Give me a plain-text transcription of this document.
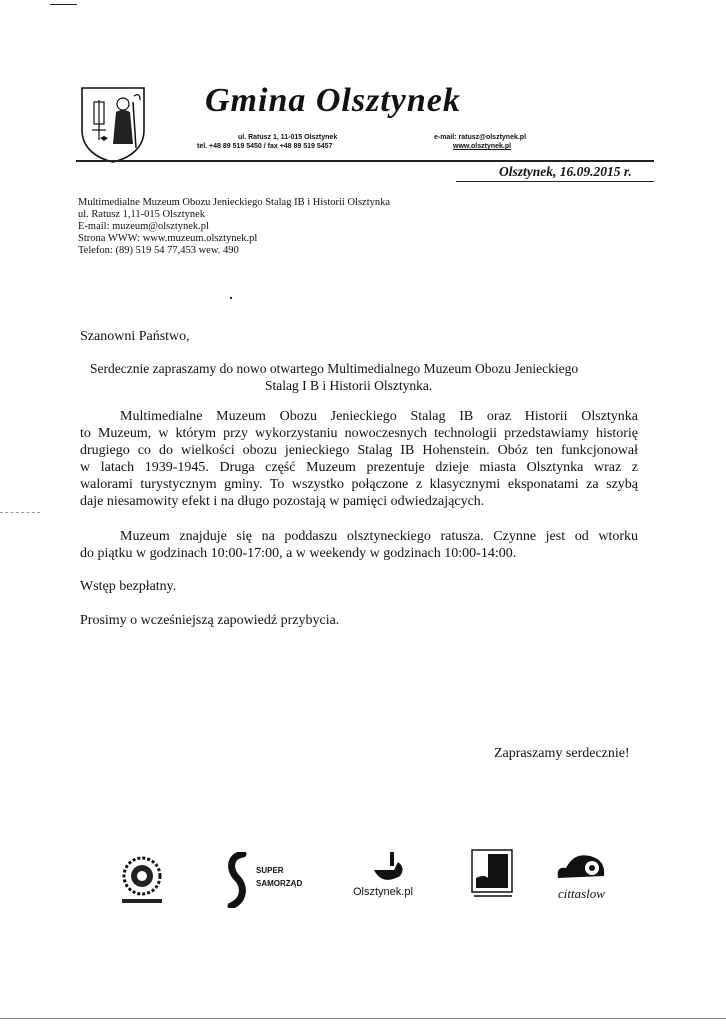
Gmina Olsztynek
ul. Ratusz 1, 11-015 Olsztynek
tel. +48 89 519 5450 / fax +48 89 519 5457
e-mail: ratusz@olsztynek.pl
www.olsztynek.pl
Olsztynek, 16.09.2015 r.
Multimedialne Muzeum Obozu Jenieckiego Stalag IB i Historii Olsztynka
ul. Ratusz 1,11-015 Olsztynek
E-mail: muzeum@olsztynek.pl
Strona WWW: www.muzeum.olsztynek.pl
Telefon: (89) 519 54 77,453 wew. 490
Szanowni Państwo,
Serdecznie zapraszamy do nowo otwartego Multimedialnego Muzeum Obozu Jenieckiego
Stalag I B i Historii Olsztynka.

Multimedialne Muzeum Obozu Jenieckiego Stalag IB oraz Historii Olsztynka

to Muzeum, w którym przy wykorzystaniu nowoczesnych technologii przedstawiamy historię

drugiego co do wielkości obozu jenieckiego Stalag IB Hohenstein. Obóz ten funkcjonował

w latach 1939-1945. Druga część Muzeum prezentuje dzieje miasta Olsztynka wraz z

walorami turystycznym gminy. To wszystko połączone z klasycznymi eksponatami za szybą

daje niesamowity efekt i na długo pozostają w pamięci odwiedzających.

Muzeum znajduje się na poddaszu olsztyneckiego ratusza. Czynne jest od wtorku

do piątku w godzinach 10:00-17:00, a w weekendy w godzinach 10:00-14:00.

Wstęp bezpłatny.
Prosimy o wcześniejszą zapowiedź przybycia.
Zapraszamy serdecznie!
SUPER
SAMORZĄD
Olsztynek.pl	cittaslow
